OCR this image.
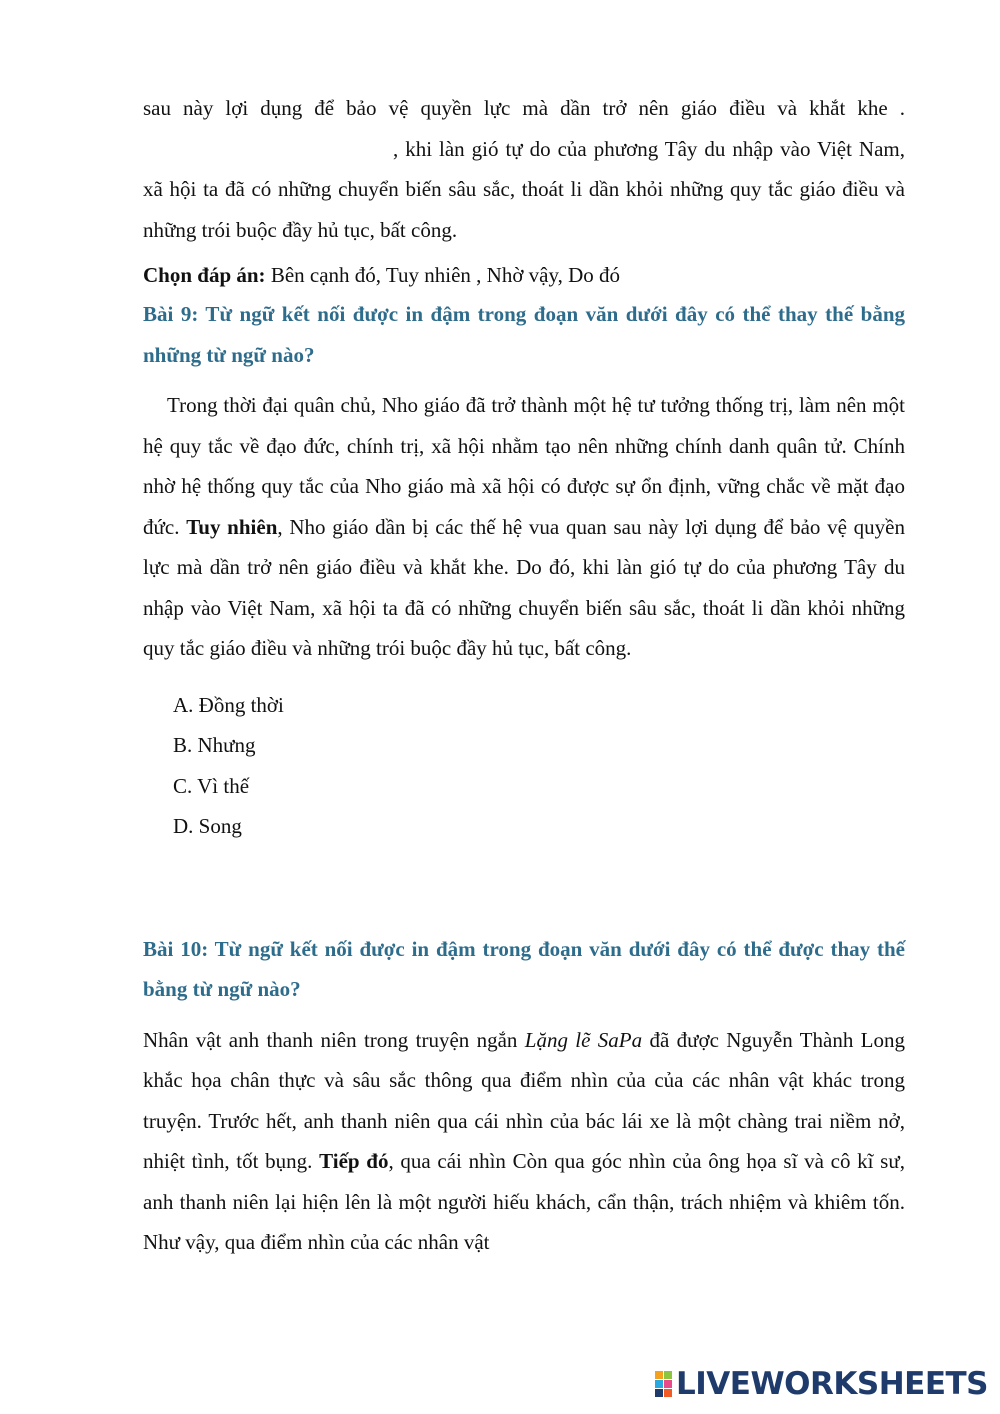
sau này lợi dụng để bảo vệ quyền lực mà dần trở nên giáo điều và khắt khe ., khi làn gió tự do của phương Tây du nhập vào Việt Nam, xã hội ta đã có những chuyển biến sâu sắc, thoát li dần khỏi những quy tắc giáo điều và những trói buộc đầy hủ tục, bất công.

Chọn đáp án: Bên cạnh đó, Tuy nhiên , Nhờ vậy, Do đó

Bài 9: Từ ngữ kết nối được in đậm trong đoạn văn dưới đây có thể thay thế bằng những từ ngữ nào?

Trong thời đại quân chủ, Nho giáo đã trở thành một hệ tư tưởng thống trị, làm nên một hệ quy tắc về đạo đức, chính trị, xã hội nhằm tạo nên những chính danh quân tử. Chính nhờ hệ thống quy tắc của Nho giáo mà xã hội có được sự ổn định, vững chắc về mặt đạo đức. Tuy nhiên, Nho giáo dần bị các thế hệ vua quan sau này lợi dụng để bảo vệ quyền lực mà dần trở nên giáo điều và khắt khe. Do đó, khi làn gió tự do của phương Tây du nhập vào Việt Nam, xã hội ta đã có những chuyển biến sâu sắc, thoát li dần khỏi những quy tắc giáo điều và những trói buộc đầy hủ tục, bất công.

A. Đồng thời
B. Nhưng
C. Vì thế
D. Song

Bài 10: Từ ngữ kết nối được in đậm trong đoạn văn dưới đây có thể được thay thế bằng từ ngữ nào?

Nhân vật anh thanh niên trong truyện ngắn Lặng lẽ SaPa đã được Nguyễn Thành Long khắc họa chân thực và sâu sắc thông qua điểm nhìn của của các nhân vật khác trong truyện. Trước hết, anh thanh niên qua cái nhìn của bác lái xe là một chàng trai niềm nở, nhiệt tình, tốt bụng. Tiếp đó, qua cái nhìn Còn qua góc nhìn của ông họa sĩ và cô kĩ sư, anh thanh niên lại hiện lên là một người hiếu khách, cẩn thận, trách nhiệm và khiêm tốn. Như vậy, qua điểm nhìn của các nhân vật

LIVEWORKSHEETS
